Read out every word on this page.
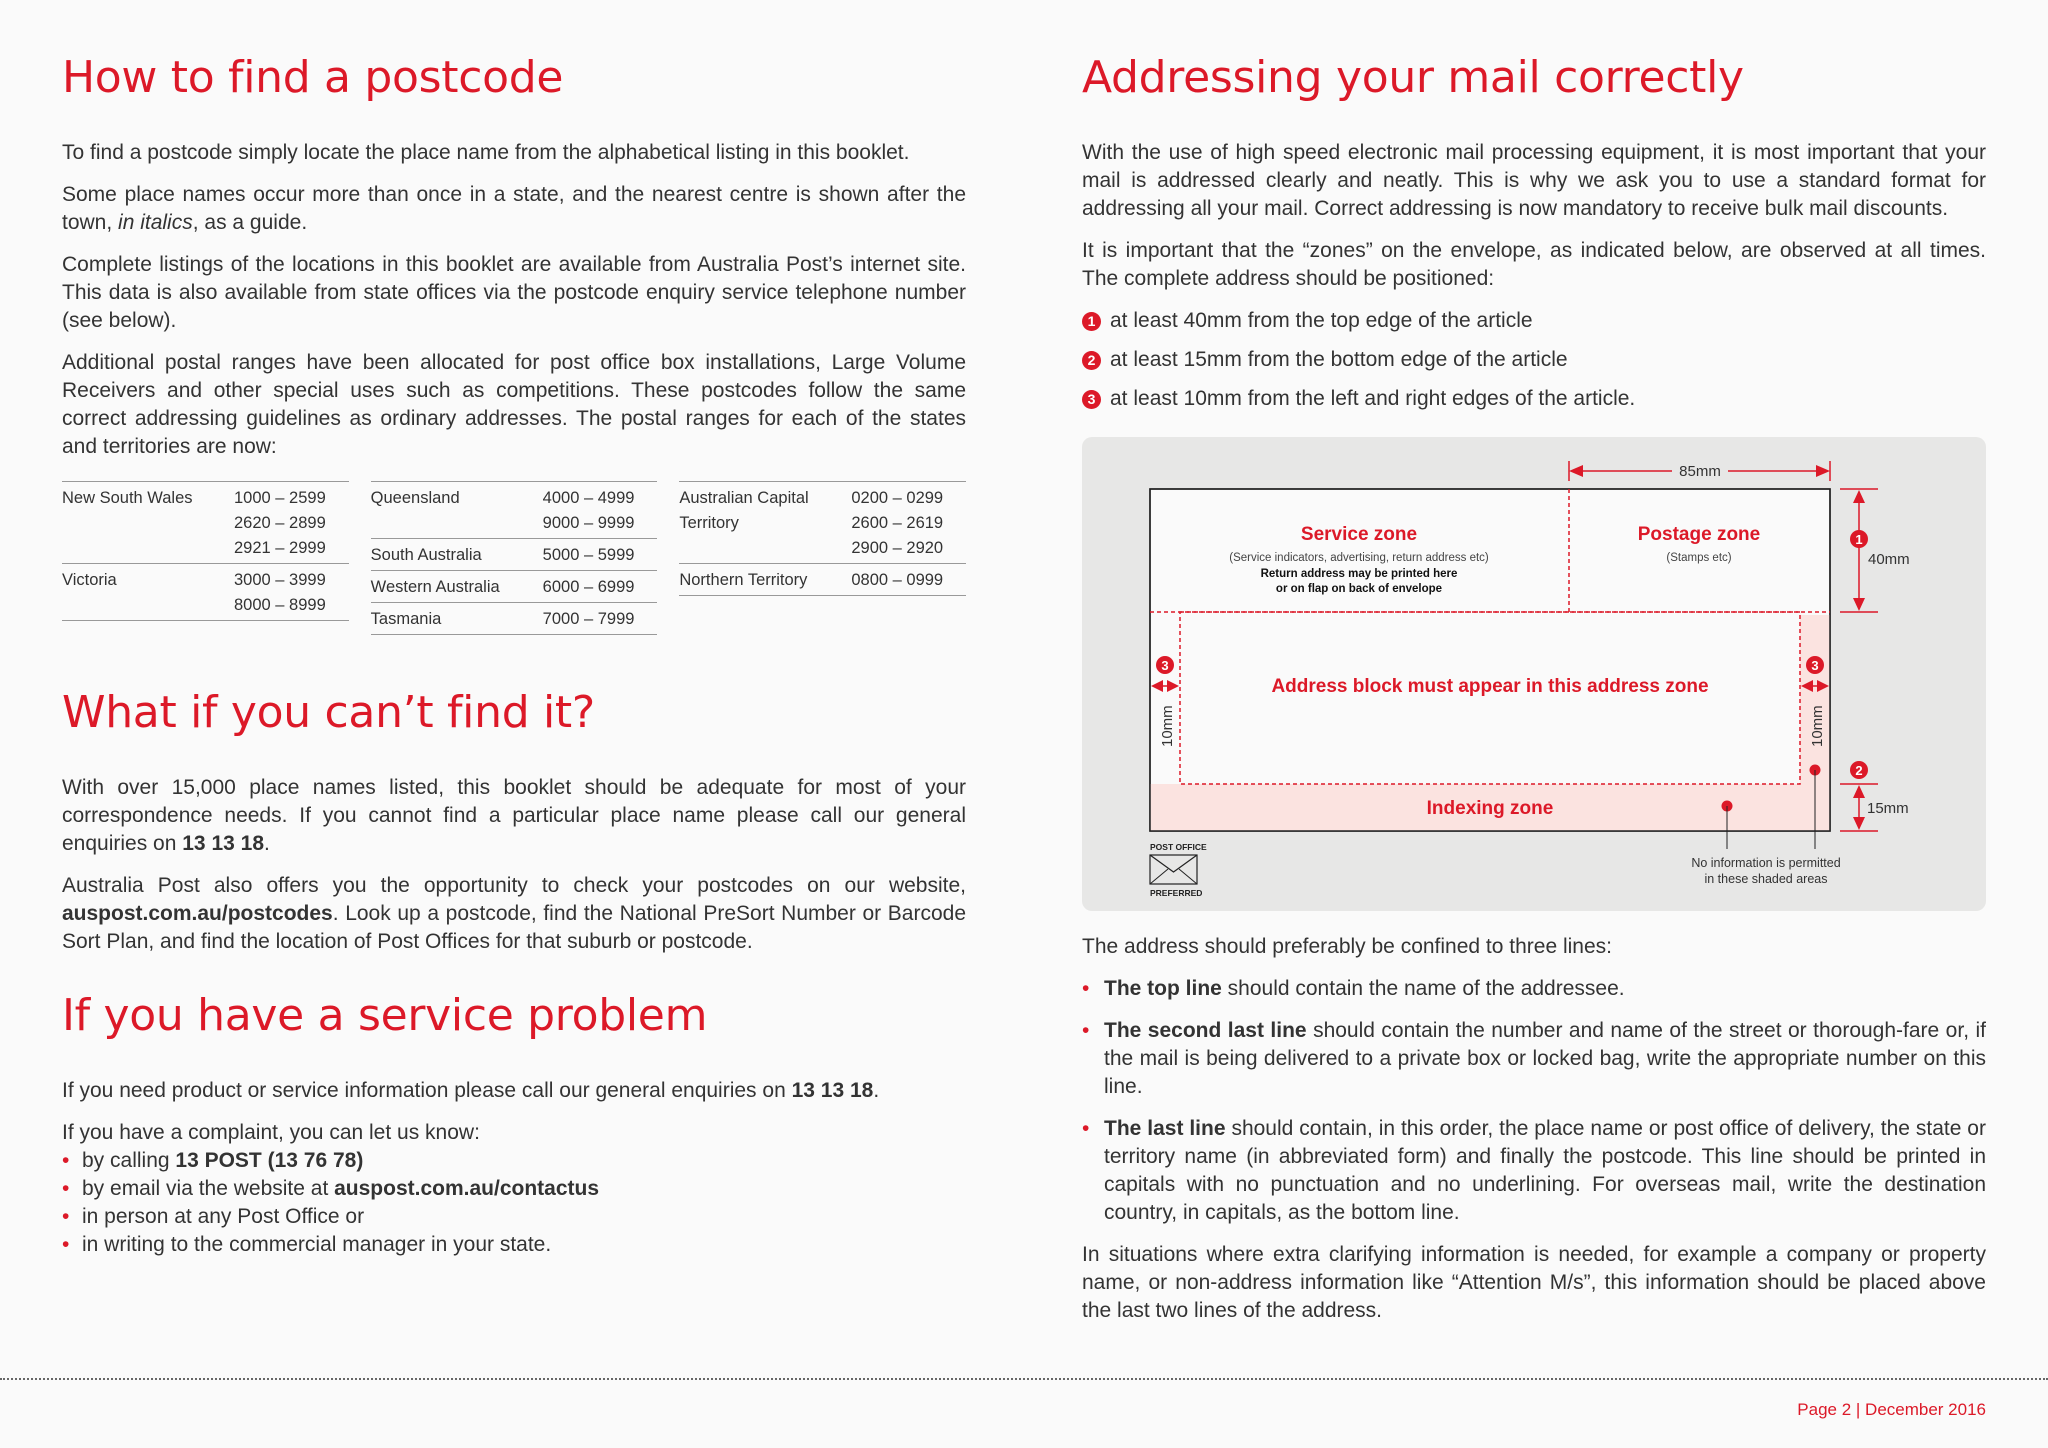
How to find a postcode

To find a postcode simply locate the place name from the alphabetical listing in this booklet.

Some place names occur more than once in a state, and the nearest centre is shown after the town, in italics, as a guide.

Complete listings of the locations in this booklet are available from Australia Post’s internet site. This data is also available from state offices via the postcode enquiry service telephone number (see below).

Additional postal ranges have been allocated for post office box installations, Large Volume Receivers and other special uses such as competitions. These postcodes follow the same correct addressing guidelines as ordinary addresses. The postal ranges for each of the states and territories are now:

New South Wales	1000 – 2599
2620 – 2899
2921 – 2999
Victoria	3000 – 3999
8000 – 8999
Queensland	4000 – 4999
9000 – 9999
South Australia	5000 – 5999
Western Australia	6000 – 6999
Tasmania	7000 – 7999
Australian Capital Territory
0200 – 0299
2600 – 2619
2900 – 2920
Northern Territory	0800 – 0999
What if you can’t find it?

With over 15,000 place names listed, this booklet should be adequate for most of your correspondence needs. If you cannot find a particular place name please call our general enquiries on 13 13 18.

Australia Post also offers you the opportunity to check your postcodes on our website, auspost.com.au/postcodes. Look up a postcode, find the National PreSort Number or Barcode Sort Plan, and find the location of Post Offices for that suburb or postcode.

If you have a service problem

If you need product or service information please call our general enquiries on 13 13 18.

If you have a complaint, you can let us know:

• by calling 13 POST (13 76 78)
• by email via the website at auspost.com.au/contactus
• in person at any Post Office or
• in writing to the commercial manager in your state.
Addressing your mail correctly

With the use of high speed electronic mail processing equipment, it is most important that your mail is addressed clearly and neatly. This is why we ask you to use a standard format for addressing all your mail. Correct addressing is now mandatory to receive bulk mail discounts.

It is important that the “zones” on the envelope, as indicated below, are observed at all times. The complete address should be positioned:

1 at least 40mm from the top edge of the article
2 at least 15mm from the bottom edge of the article
3 at least 10mm from the left and right edges of the article.
Service zone
(Service indicators, advertising, return address etc)
Return address may be printed here
or on flap on back of envelope
Postage zone
(Stamps etc)
Address block must appear in this address zone
Indexing zone
85mm
1
40mm
2
15mm
3
10mm
3
10mm
No information is permitted
in these shaded areas
POST OFFICE
PREFERRED

The address should preferably be confined to three lines:

• The top line should contain the name of the addressee.
• The second last line should contain the number and name of the street or thorough-fare or, if the mail is being delivered to a private box or locked bag, write the appropriate number on this line.
• The last line should contain, in this order, the place name or post office of delivery, the state or territory name (in abbreviated form) and finally the postcode. This line should be printed in capitals with no punctuation and no underlining. For overseas mail, write the destination country, in capitals, as the bottom line.

In situations where extra clarifying information is needed, for example a company or property name, or non-address information like “Attention M/s”, this information should be placed above the last two lines of the address.

Page 2 | December 2016
